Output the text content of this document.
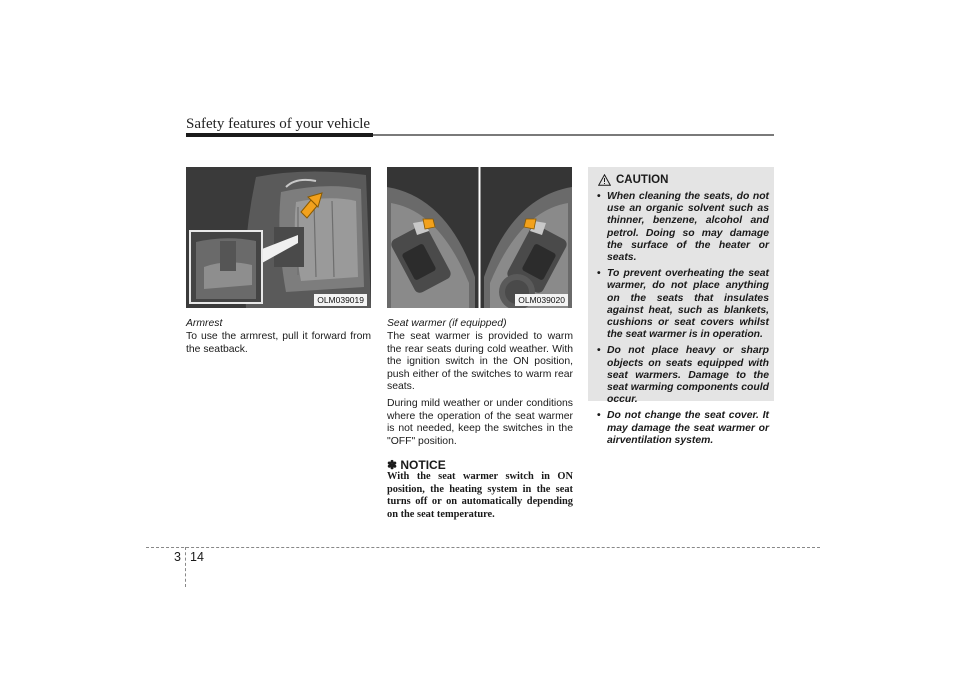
Safety features of your vehicle
OLM039019	OLM039020
Armrest

To use the armrest, pull it forward from the seatback.

Seat warmer (if equipped)

The seat warmer is provided to warm the rear seats during cold weather. With the ignition switch in the ON position, push either of the switches to warm rear seats.

During mild weather or under conditions where the operation of the seat warmer is not needed, keep the switches in the "OFF" position.

✽ NOTICE
With the seat warmer switch in ON position, the heating system in the seat turns off or on automatically depending on the seat temperature.
CAUTION
• When cleaning the seats, do not use an organic solvent such as thinner, benzene, alcohol and petrol. Doing so may damage the surface of the heater or seats.
• To prevent overheating the seat warmer, do not place anything on the seats that insulates against heat, such as blankets, cushions or seat covers whilst the seat warmer is in operation.
• Do not place heavy or sharp objects on seats equipped with seat warmers. Damage to the seat warming components could occur.
• Do not change the seat cover. It may damage the seat warmer or airventilation system.
3 14
